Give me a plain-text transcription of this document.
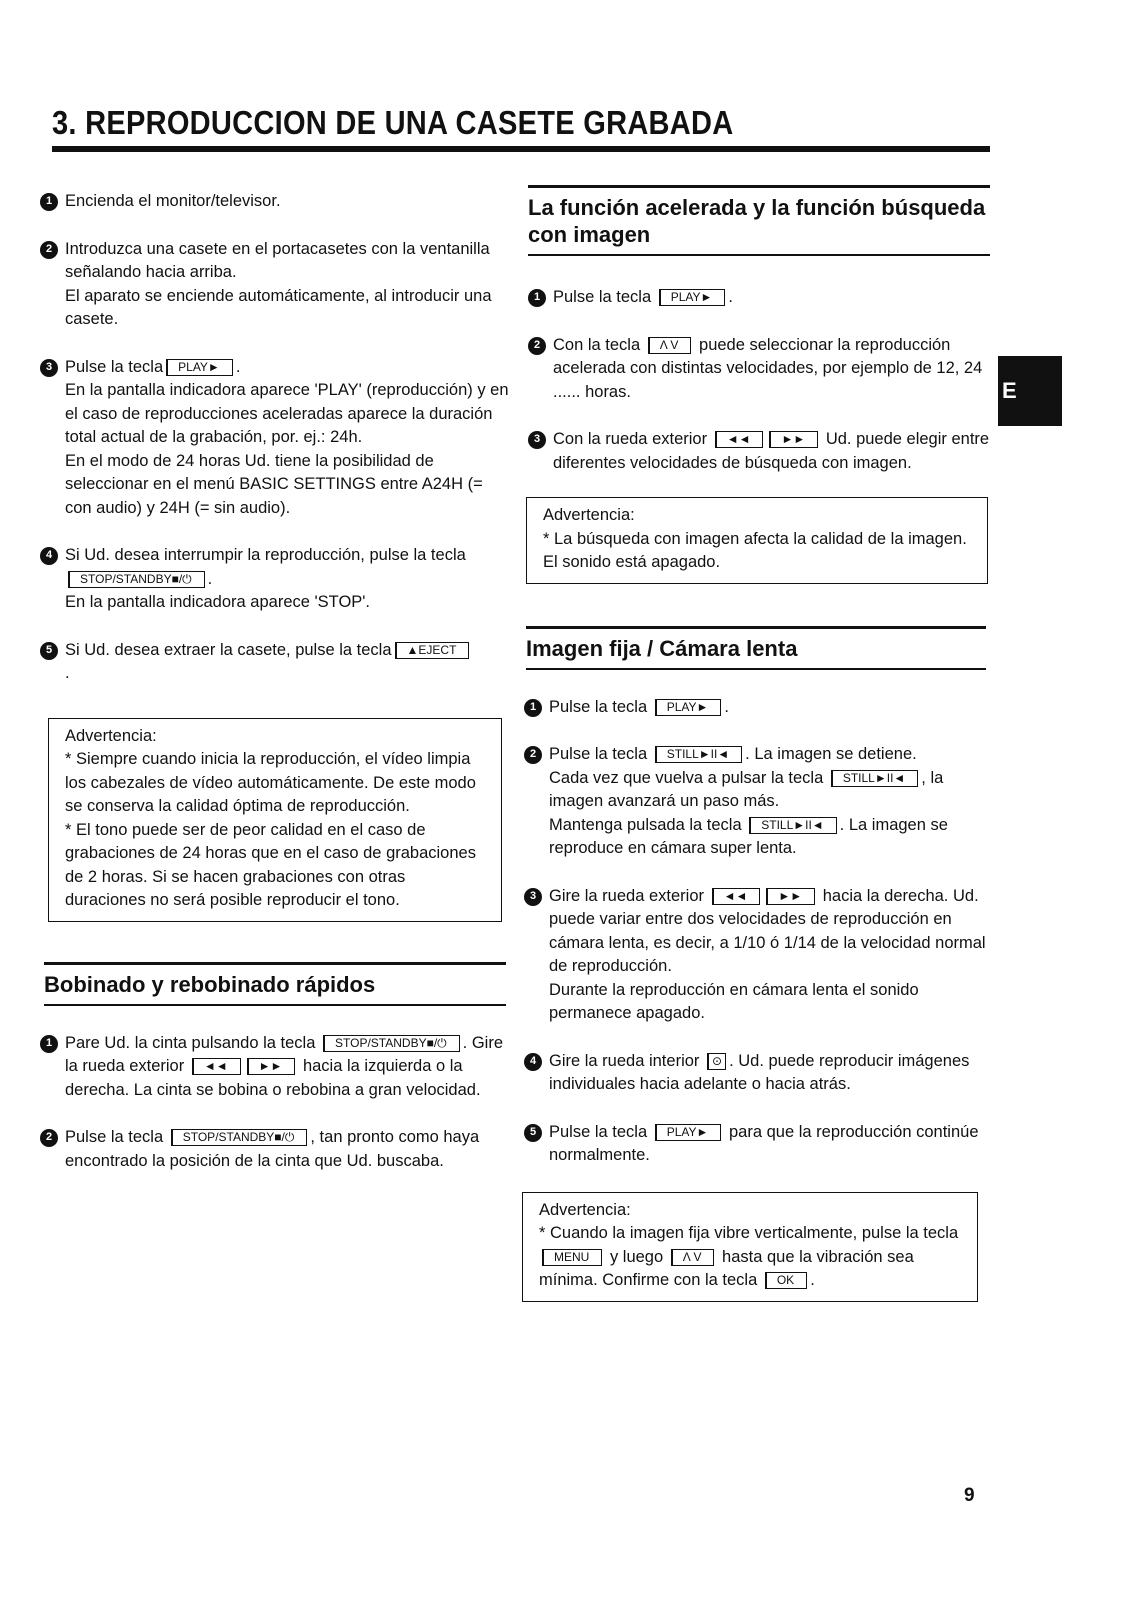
3. REPRODUCCION DE UNA CASETE GRABADA
1 Encienda el monitor/televisor.

2 Introduzca una casete en el portacasetes con la ventanilla señalando hacia arriba.

El aparato se enciende automáticamente, al introducir una casete.

3 Pulse la tecla PLAY► .

En la pantalla indicadora aparece 'PLAY' (reproducción) y en el caso de reproducciones aceleradas aparece la duración total actual de la grabación, por. ej.: 24h.

En el modo de 24 horas Ud. tiene la posibilidad de seleccionar en el menú BASIC SETTINGS entre A24H (= con audio) y 24H (= sin audio).

4 Si Ud. desea interrumpir la reproducción, pulse la tecla STOP/STANDBY■/⏻ .

En la pantalla indicadora aparece 'STOP'.

5 Si Ud. desea extraer la casete, pulse la tecla ▲EJECT

.

Advertencia:

* Siempre cuando inicia la reproducción, el vídeo limpia los cabezales de vídeo automáticamente. De este modo se conserva la calidad óptima de reproducción.

* El tono puede ser de peor calidad en el caso de grabaciones de 24 horas que en el caso de grabaciones de 2 horas. Si se hacen grabaciones con otras duraciones no será posible reproducir el tono.

Bobinado y rebobinado rápidos
1 Pare Ud. la cinta pulsando la tecla STOP/STANDBY■/⏻ . Gire la rueda exterior ◄◄	►► hacia la izquierda o la derecha. La cinta se bobina o rebobina a gran velocidad.

2 Pulse la tecla STOP/STANDBY■/⏻ , tan pronto como haya encontrado la posición de la cinta que Ud. buscaba.

La función acelerada y la función búsqueda con imagen
1 Pulse la tecla PLAY► .

2 Con la tecla Λ V puede seleccionar la reproducción acelerada con distintas velocidades, por ejemplo de 12, 24 ...... horas.

3 Con la rueda exterior ◄◄	►► Ud. puede elegir entre diferentes velocidades de búsqueda con imagen.

Advertencia:

* La búsqueda con imagen afecta la calidad de la imagen. El sonido está apagado.

Imagen fija / Cámara lenta
1 Pulse la tecla PLAY► .

2 Pulse la tecla STILL►II◄ . La imagen se detiene.

Cada vez que vuelva a pulsar la tecla STILL►II◄ , la imagen avanzará un paso más.

Mantenga pulsada la tecla STILL►II◄ . La imagen se reproduce en cámara super lenta.

3 Gire la rueda exterior ◄◄	►► hacia la derecha. Ud. puede variar entre dos velocidades de reproducción en cámara lenta, es decir, a 1/10 ó 1/14 de la velocidad normal de reproducción.

Durante la reproducción en cámara lenta el sonido permanece apagado.

4 Gire la rueda interior ⊙ . Ud. puede reproducir imágenes individuales hacia adelante o hacia atrás.

5 Pulse la tecla PLAY► para que la reproducción continúe normalmente.

Advertencia:

* Cuando la imagen fija vibre verticalmente, pulse la tecla MENU y luego Λ V hasta que la vibración sea mínima. Confirme con la tecla OK .

E
9
